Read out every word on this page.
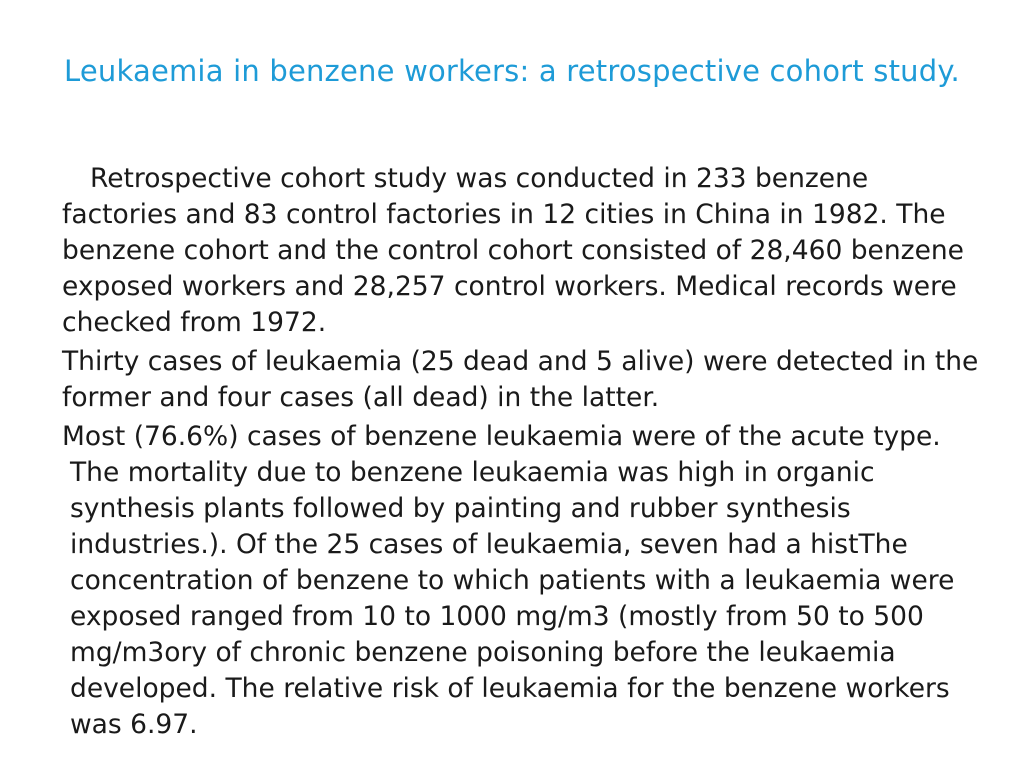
Leukaemia in benzene workers: a retrospective cohort study.

Retrospective cohort study was conducted in 233 benzene factories and 83 control factories in 12 cities in China in 1982. The benzene cohort and the control cohort consisted of 28,460 benzene exposed workers and 28,257 control workers. Medical records were checked from 1972.

Thirty cases of leukaemia (25 dead and 5 alive) were detected in the former and four cases (all dead) in the latter.

Most (76.6%) cases of benzene leukaemia were of the acute type. The mortality due to benzene leukaemia was high in organic synthesis plants followed by painting and rubber synthesis industries.). Of the 25 cases of leukaemia, seven had a histThe concentration of benzene to which patients with a leukaemia were exposed ranged from 10 to 1000 mg/m3 (mostly from 50 to 500 mg/m3ory of chronic benzene poisoning before the leukaemia developed. The relative risk of leukaemia for the benzene workers was 6.97.
